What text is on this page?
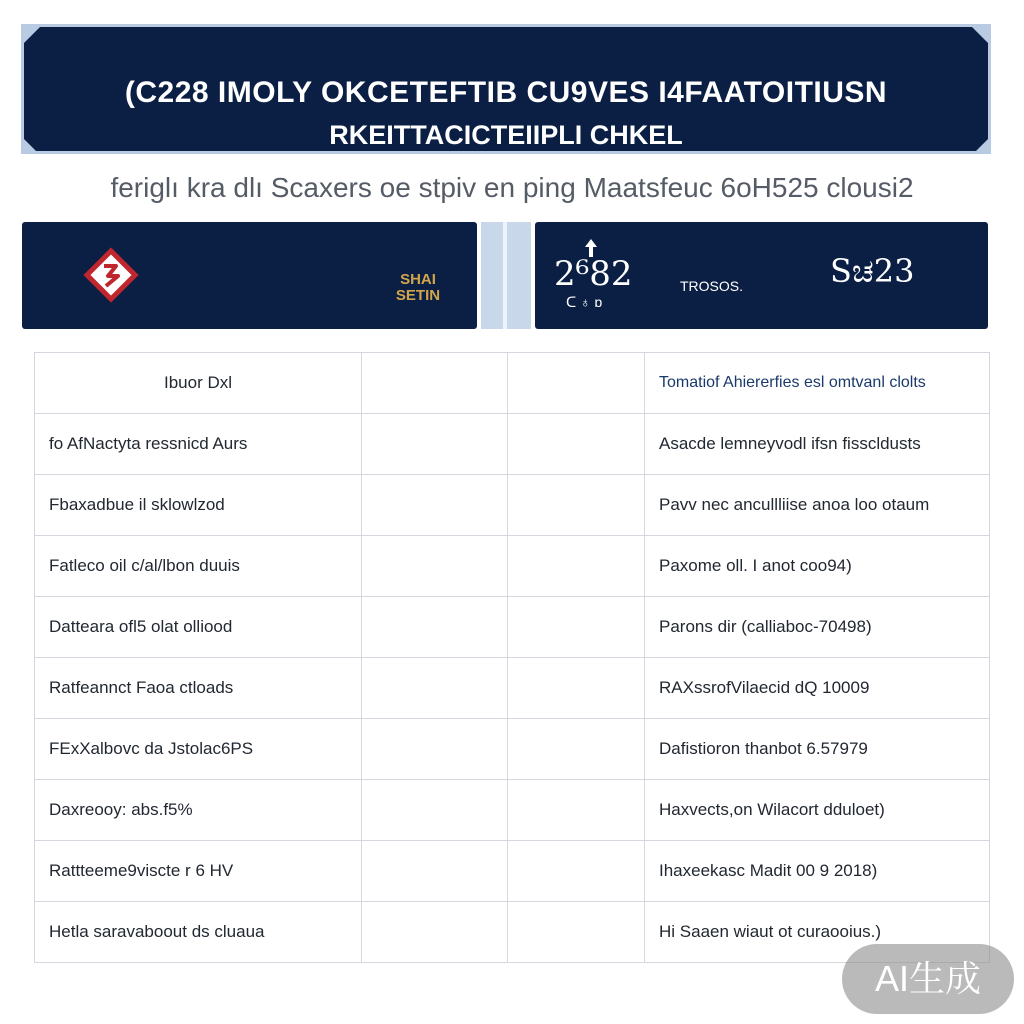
(C228 IMOLY OKCETEFTIB CU9VES I4FAATOITIUSN
RKEITTACICTEIIPLI CHKEL
feriglı kra dlı Scaxers oe stpiv en ping Maatsfeuc 6oH525 clousi2
SHAI
SETIN
2⁶82
ᑕ ♁ ɒ
TROSOS.	Sಚ23
Ibuor Dxl			Tomatiof Ahiererfies esl omtvanl clolts
fo AfNactyta ressnicd Aurs			Asacde lemneyvodl ifsn fisscldusts
Fbaxadbue il sklowlzod			Pavv nec ancullliise anoa loo otaum
Fatleco oil c/al/lbon duuis			Paxome oll. I anot coo94)
Datteara ofl5 olat olliood			Parons dir (calliaboc-70498)
Ratfeannct Faoa ctloads			RAXssrofVilaecid dQ 10009
FExXalbovc da Jstolac6PS			Dafistioron thanbot 6.57979
Daxreooy: abs.f5%			Haxvects,on Wilacort dduloet)
Rattteeme9viscte r 6 HV			Ihaxeekasc Madit 00 9 2018)
Hetla saravaboout ds cluaua			Hi Saaen wiaut ot curaooius.)
AI生成
